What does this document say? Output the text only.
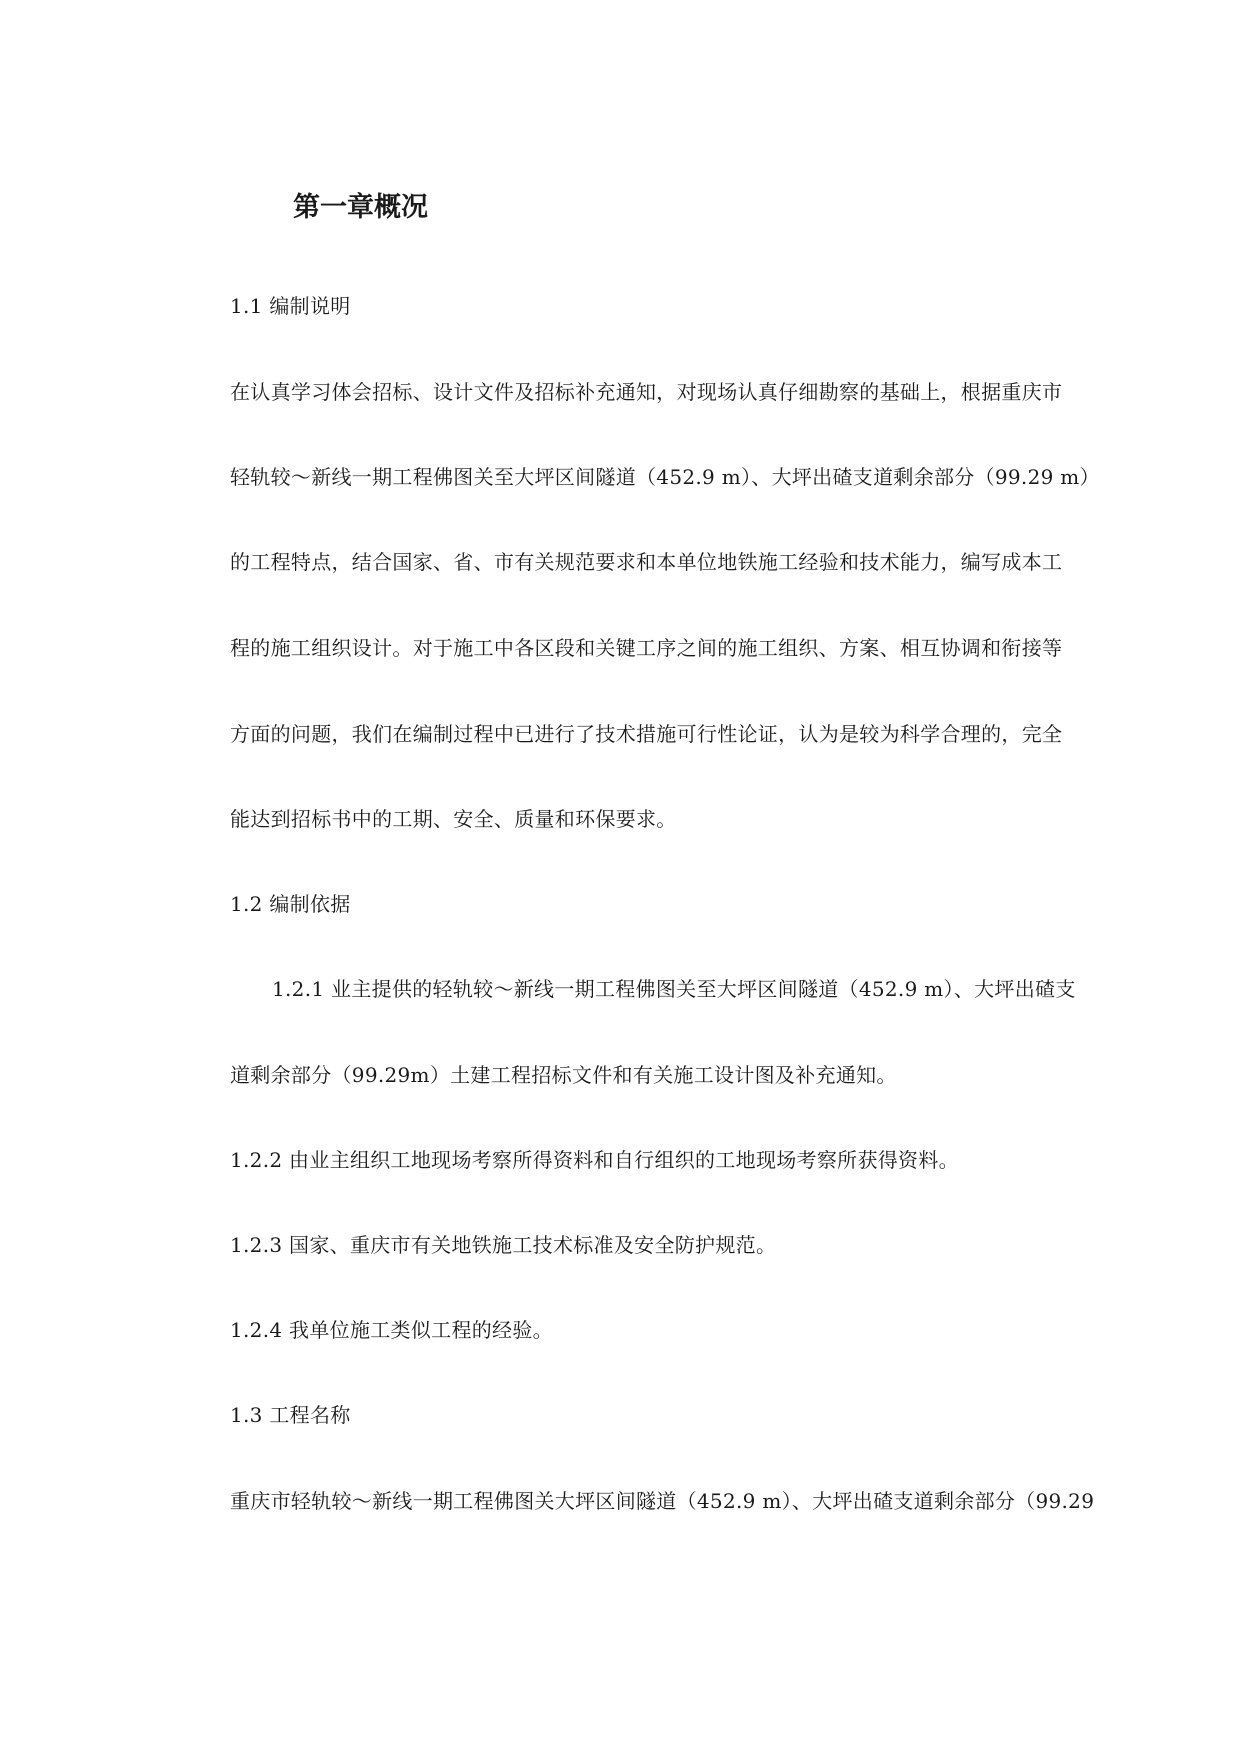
第一章概况
1.1 编制说明
在认真学习体会招标、设计文件及招标补充通知，对现场认真仔细勘察的基础上，根据重庆市
轻轨较～新线一期工程佛图关至大坪区间隧道（452.9 m）、大坪出碴支道剩余部分（99.29 m）
的工程特点，结合国家、省、市有关规范要求和本单位地铁施工经验和技术能力，编写成本工
程的施工组织设计。对于施工中各区段和关键工序之间的施工组织、方案、相互协调和衔接等
方面的问题，我们在编制过程中已进行了技术措施可行性论证，认为是较为科学合理的，完全
能达到招标书中的工期、安全、质量和环保要求。
1.2 编制依据
1.2.1 业主提供的轻轨较～新线一期工程佛图关至大坪区间隧道（452.9 m）、大坪出碴支
道剩余部分（99.29m）土建工程招标文件和有关施工设计图及补充通知。
1.2.2 由业主组织工地现场考察所得资料和自行组织的工地现场考察所获得资料。
1.2.3 国家、重庆市有关地铁施工技术标准及安全防护规范。
1.2.4 我单位施工类似工程的经验。
1.3 工程名称
重庆市轻轨较～新线一期工程佛图关大坪区间隧道（452.9 m）、大坪出碴支道剩余部分（99.29
